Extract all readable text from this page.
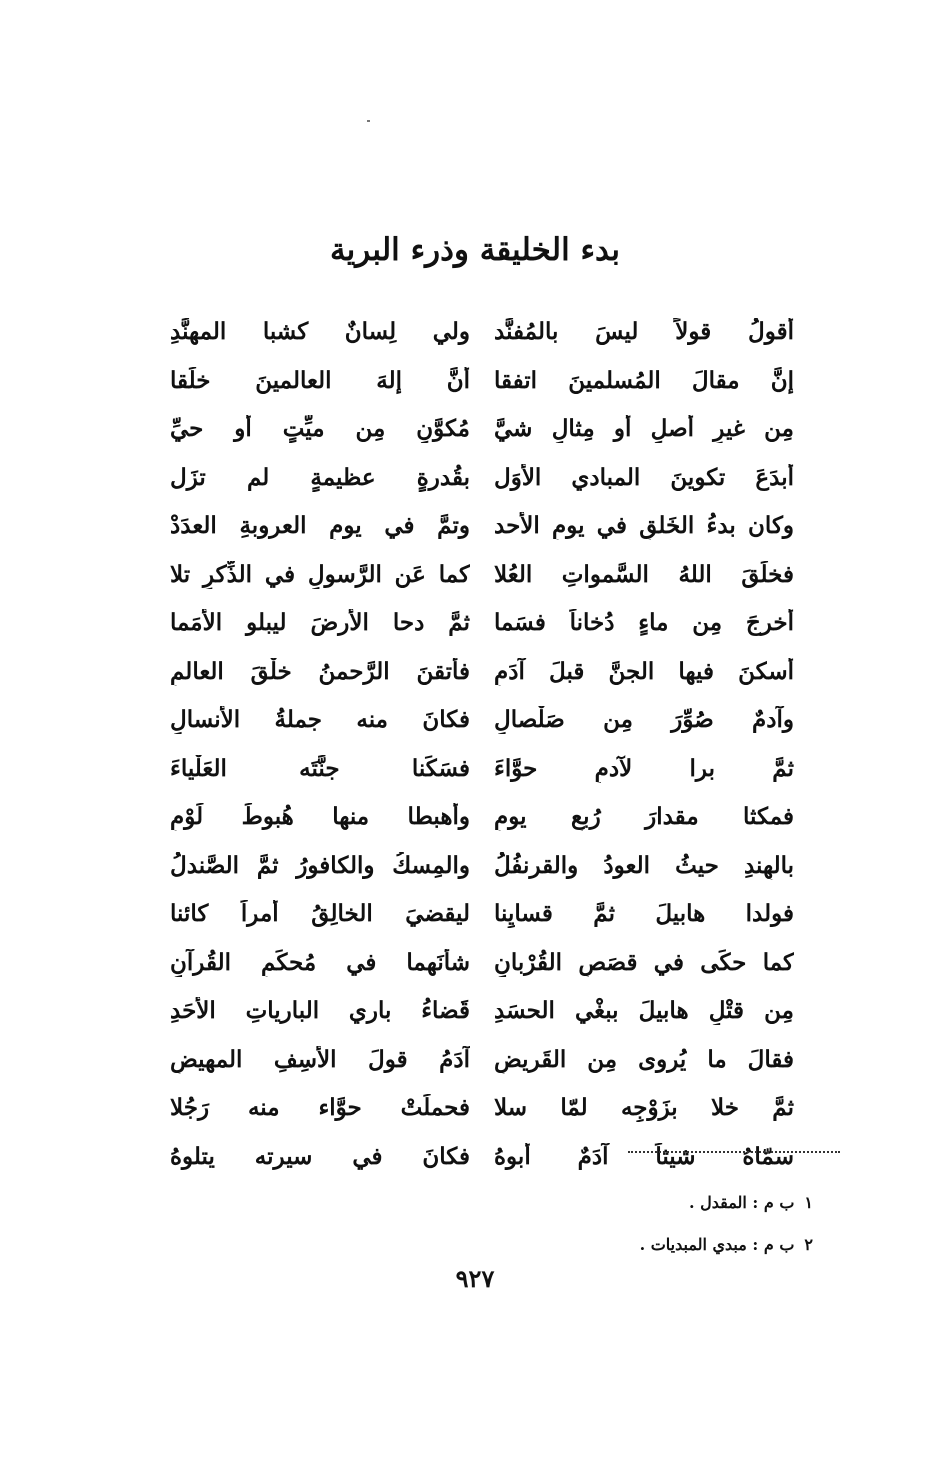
بدء الخليقة وذرء البرية
أقولُ قولاً ليسَ بالمُفنَّد
ولي لِسانٌ كشبا المهنَّدِ
إنَّ مقالَ المُسلمينَ اتفقا
أنَّ إلهَ العالمينَ خلَقا
مِن غيرِ أصلٍ أو مِثالِ شيَّ
مُكوَّنٍ مِن ميِّتٍ أو حيِّ
أبدَعَ تكوينَ المبادي الأوَل
بقُدرةٍ عظيمةٍ لم تزَل
وكان بدءُ الخَلقِ في يومِ الأحد
وتمَّ في يومِ العروبةِ العدَدْ
فخلَقَ اللهُ السَّمواتِ العُلا
كما عَن الرَّسولِ في الذِّكرِ تلا
أخرجَ مِن ماءٍ دُخاناً فسَما
ثمَّ دحا الأرضَ ليبلو الأمَما
أسكنَ فيها الجنَّ قبلَ آدَمِ
فأتقنَ الرَّحمنُ خلْقَ العالمِ
وآدمٌ صُوِّرَ مِن صَلْصالِ
فكانَ منه جملةُ الأنسالِ
ثمَّ برا لآدمٍ حوَّاءَ
فسَكَنا جنَّتَه العَلْياءَ
فمكثا مقدارَ رُبعِ يومِ
وأهبطا منها هُبوطَ لَوْمِ
بالهِندِ حيثُ العودُ والقرنفُلُ
والمِسكُ والكافورُ ثمَّ الصَّندلُ
فولدا هابيلَ ثمَّ قسايِنا
ليقضيَ الخالِقُ أمراً كائنا
كما حكَى في قصَصِ القُرْبانِ
شأنَهما في مُحكَمِ القُرآنِ
مِن قتْلِ هابيلَ ببغْي الحسَدِ
قَضاءُ باري البارياتِ الأحَدِ
فقالَ ما يُروى مِن القَريضِ
آدَمُ قولَ الأسِفِ المهيضِ
ثمَّ خلا بزَوْجِه لمّا سلا
فحملَتْ حوَّاء منه رَجُلا
سمّاهُ شيثاً آدَمٌ أبوهُ
فكانَ في سيرته يتلوهُ
١ب م : المقدل .
٢ب م : مبدي المبديات .
٩٢٧
